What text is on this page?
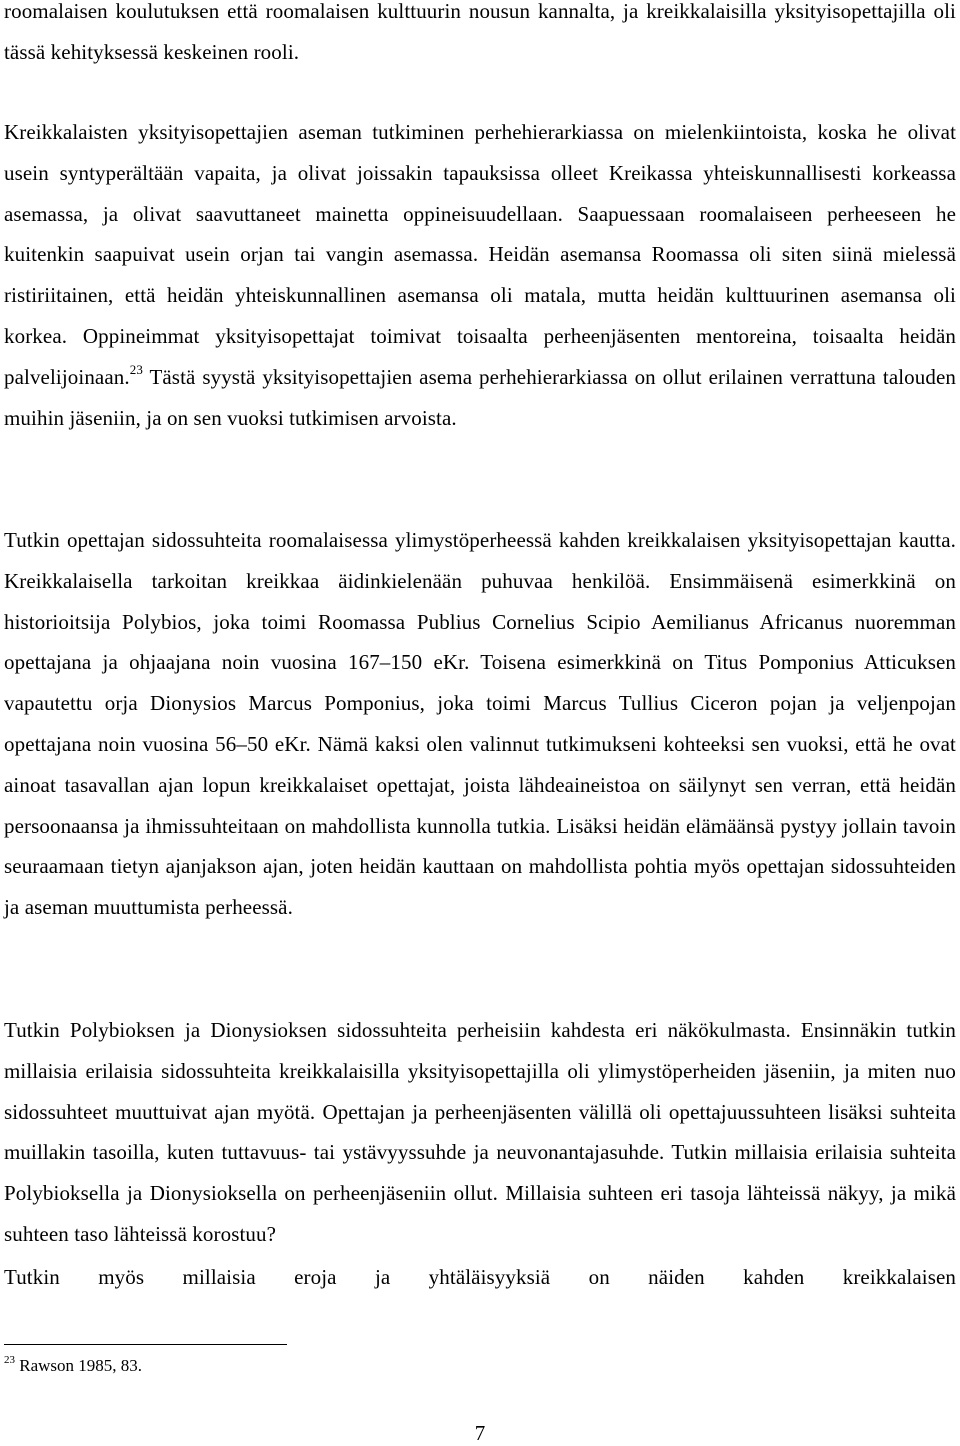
roomalaisen koulutuksen että roomalaisen kulttuurin nousun kannalta, ja kreikkalaisilla yksityisopettajilla oli tässä kehityksessä keskeinen rooli.

Kreikkalaisten yksityisopettajien aseman tutkiminen perhehierarkiassa on mielenkiintoista, koska he olivat usein syntyperältään vapaita, ja olivat joissakin tapauksissa olleet Kreikassa yhteiskunnallisesti korkeassa asemassa, ja olivat saavuttaneet mainetta oppineisuudellaan. Saapuessaan roomalaiseen perheeseen he kuitenkin saapuivat usein orjan tai vangin asemassa. Heidän asemansa Roomassa oli siten siinä mielessä ristiriitainen, että heidän yhteiskunnallinen asemansa oli matala, mutta heidän kulttuurinen asemansa oli korkea. Oppineimmat yksityisopettajat toimivat toisaalta perheenjäsenten mentoreina, toisaalta heidän palvelijoinaan.$^{23}$ Tästä syystä yksityisopettajien asema perhehierarkiassa on ollut erilainen verrattuna talouden muihin jäseniin, ja on sen vuoksi tutkimisen arvoista.

Tutkin opettajan sidossuhteita roomalaisessa ylimystöperheessä kahden kreikkalaisen yksityisopettajan kautta. Kreikkalaisella tarkoitan kreikkaa äidinkielenään puhuvaa henkilöä. Ensimmäisenä esimerkkinä on historioitsija Polybios, joka toimi Roomassa Publius Cornelius Scipio Aemilianus Africanus nuoremman opettajana ja ohjaajana noin vuosina 167–150 eKr. Toisena esimerkkinä on Titus Pomponius Atticuksen vapautettu orja Dionysios Marcus Pomponius, joka toimi Marcus Tullius Ciceron pojan ja veljenpojan opettajana noin vuosina 56–50 eKr. Nämä kaksi olen valinnut tutkimukseni kohteeksi sen vuoksi, että he ovat ainoat tasavallan ajan lopun kreikkalaiset opettajat, joista lähdeaineistoa on säilynyt sen verran, että heidän persoonaansa ja ihmissuhteitaan on mahdollista kunnolla tutkia. Lisäksi heidän elämäänsä pystyy jollain tavoin seuraamaan tietyn ajanjakson ajan, joten heidän kauttaan on mahdollista pohtia myös opettajan sidossuhteiden ja aseman muuttumista perheessä.

Tutkin Polybioksen ja Dionysioksen sidossuhteita perheisiin kahdesta eri näkökulmasta. Ensinnäkin tutkin millaisia erilaisia sidossuhteita kreikkalaisilla yksityisopettajilla oli ylimystöperheiden jäseniin, ja miten nuo sidossuhteet muuttuivat ajan myötä. Opettajan ja perheenjäsenten välillä oli opettajuussuhteen lisäksi suhteita muillakin tasoilla, kuten tuttavuus- tai ystävyyssuhde ja neuvonantajasuhde. Tutkin millaisia erilaisia suhteita Polybioksella ja Dionysioksella on perheenjäseniin ollut. Millaisia suhteen eri tasoja lähteissä näkyy, ja mikä suhteen taso lähteissä korostuu?

Tutkin myös millaisia eroja ja yhtäläisyyksiä on näiden kahden kreikkalaisen

$^{23}$ Rawson 1985, 83.

7
